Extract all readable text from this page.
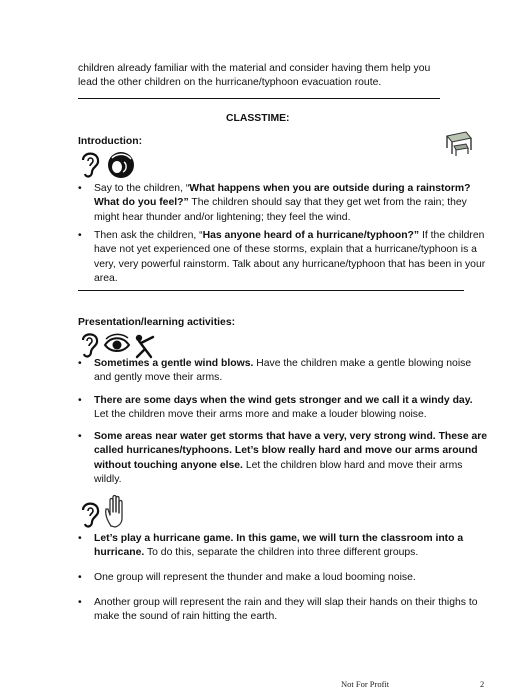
children already familiar with the material and consider having them help you
lead the other children on the hurricane/typhoon evacuation route.
CLASSTIME:
Introduction:
• Say to the children, “What happens when you are outside during a rainstorm?
What do you feel?” The children should say that they get wet from the rain; they might hear thunder and/or lightening; they feel the wind.
• Then ask the children, “Has anyone heard of a hurricane/typhoon?” If the children have not yet experienced one of these storms, explain that a hurricane/typhoon is a very, very powerful rainstorm. Talk about any hurricane/typhoon that has been in your area.
Presentation/learning activities:
• Sometimes a gentle wind blows. Have the children make a gentle blowing noise and gently move their arms.
• There are some days when the wind gets stronger and we call it a windy day. Let the children move their arms more and make a louder blowing noise.
• Some areas near water get storms that have a very, very strong wind. These are called hurricanes/typhoons. Let’s blow really hard and move our arms around without touching anyone else. Let the children blow hard and move their arms wildly.
• Let’s play a hurricane game. In this game, we will turn the classroom into a hurricane. To do this, separate the children into three different groups.
• One group will represent the thunder and make a loud booming noise.
• Another group will represent the rain and they will slap their hands on their thighs to make the sound of rain hitting the earth.
Not For Profit	2
